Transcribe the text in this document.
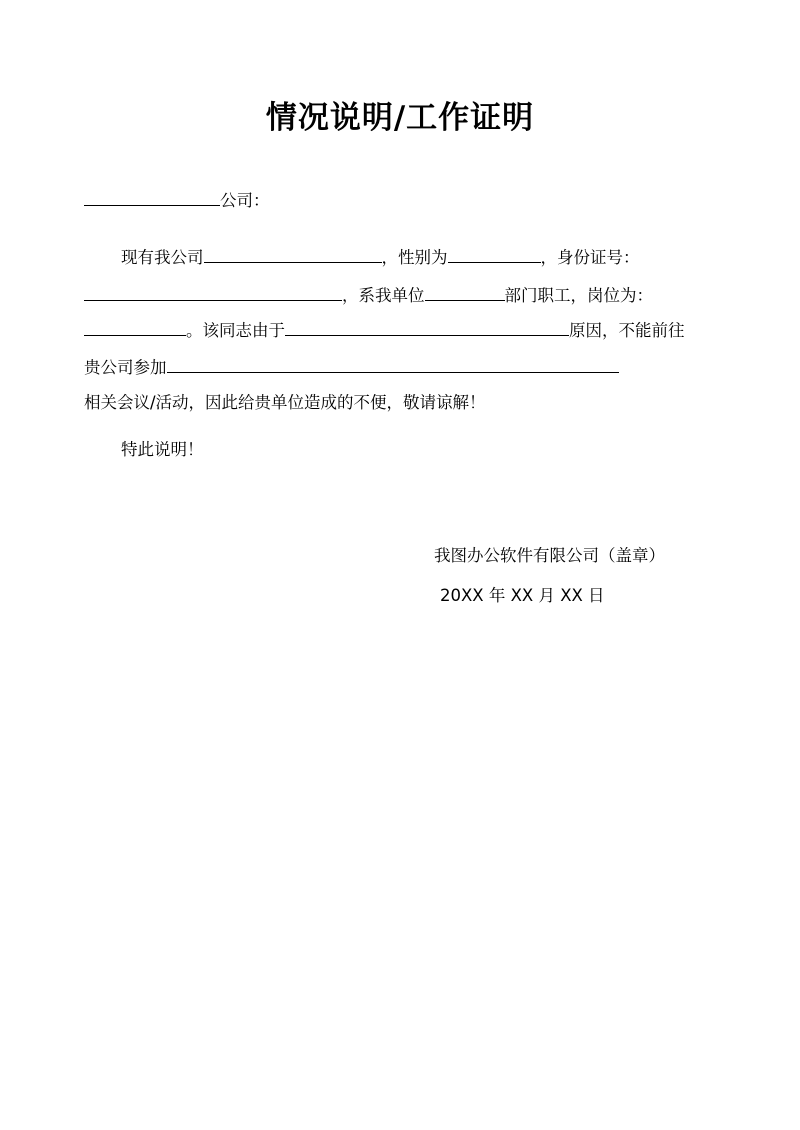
情况说明/工作证明
公司：
现有我公司	，性别为	，身份证号：
，系我单位	部门职工，岗位为：
。该同志由于	原因，不能前往
贵公司参加
相关会议/活动，因此给贵单位造成的不便，敬请谅解！
特此说明！
我图办公软件有限公司（盖章）
20XX 年 XX 月 XX 日
